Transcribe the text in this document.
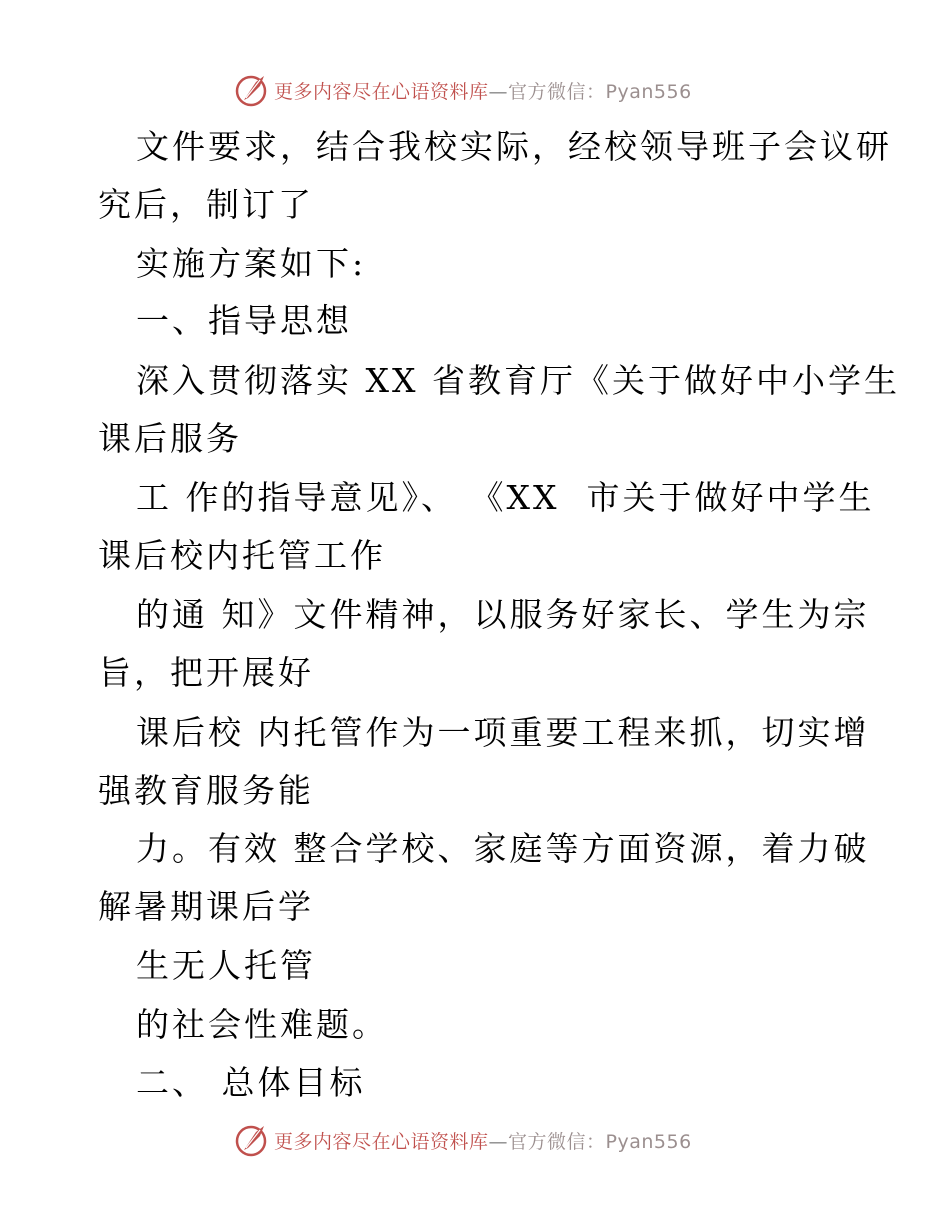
更多内容尽在心语资料库—官方微信：Pyan556
文件要求，结合我校实际，经校领导班子会议研
究后，制订了
实施方案如下:
一、指导思想
深入贯彻落实 XX 省教育厅《关于做好中小学生
课后服务
工 作的指导意见》、 《XX  市关于做好中学生
课后校内托管工作
的通 知》文件精神，以服务好家长、学生为宗
旨，把开展好
课后校 内托管作为一项重要工程来抓，切实增
强教育服务能
力。有效 整合学校、家庭等方面资源，着力破
解暑期课后学
生无人托管
的社会性难题。
二、 总体目标
更多内容尽在心语资料库—官方微信：Pyan556
